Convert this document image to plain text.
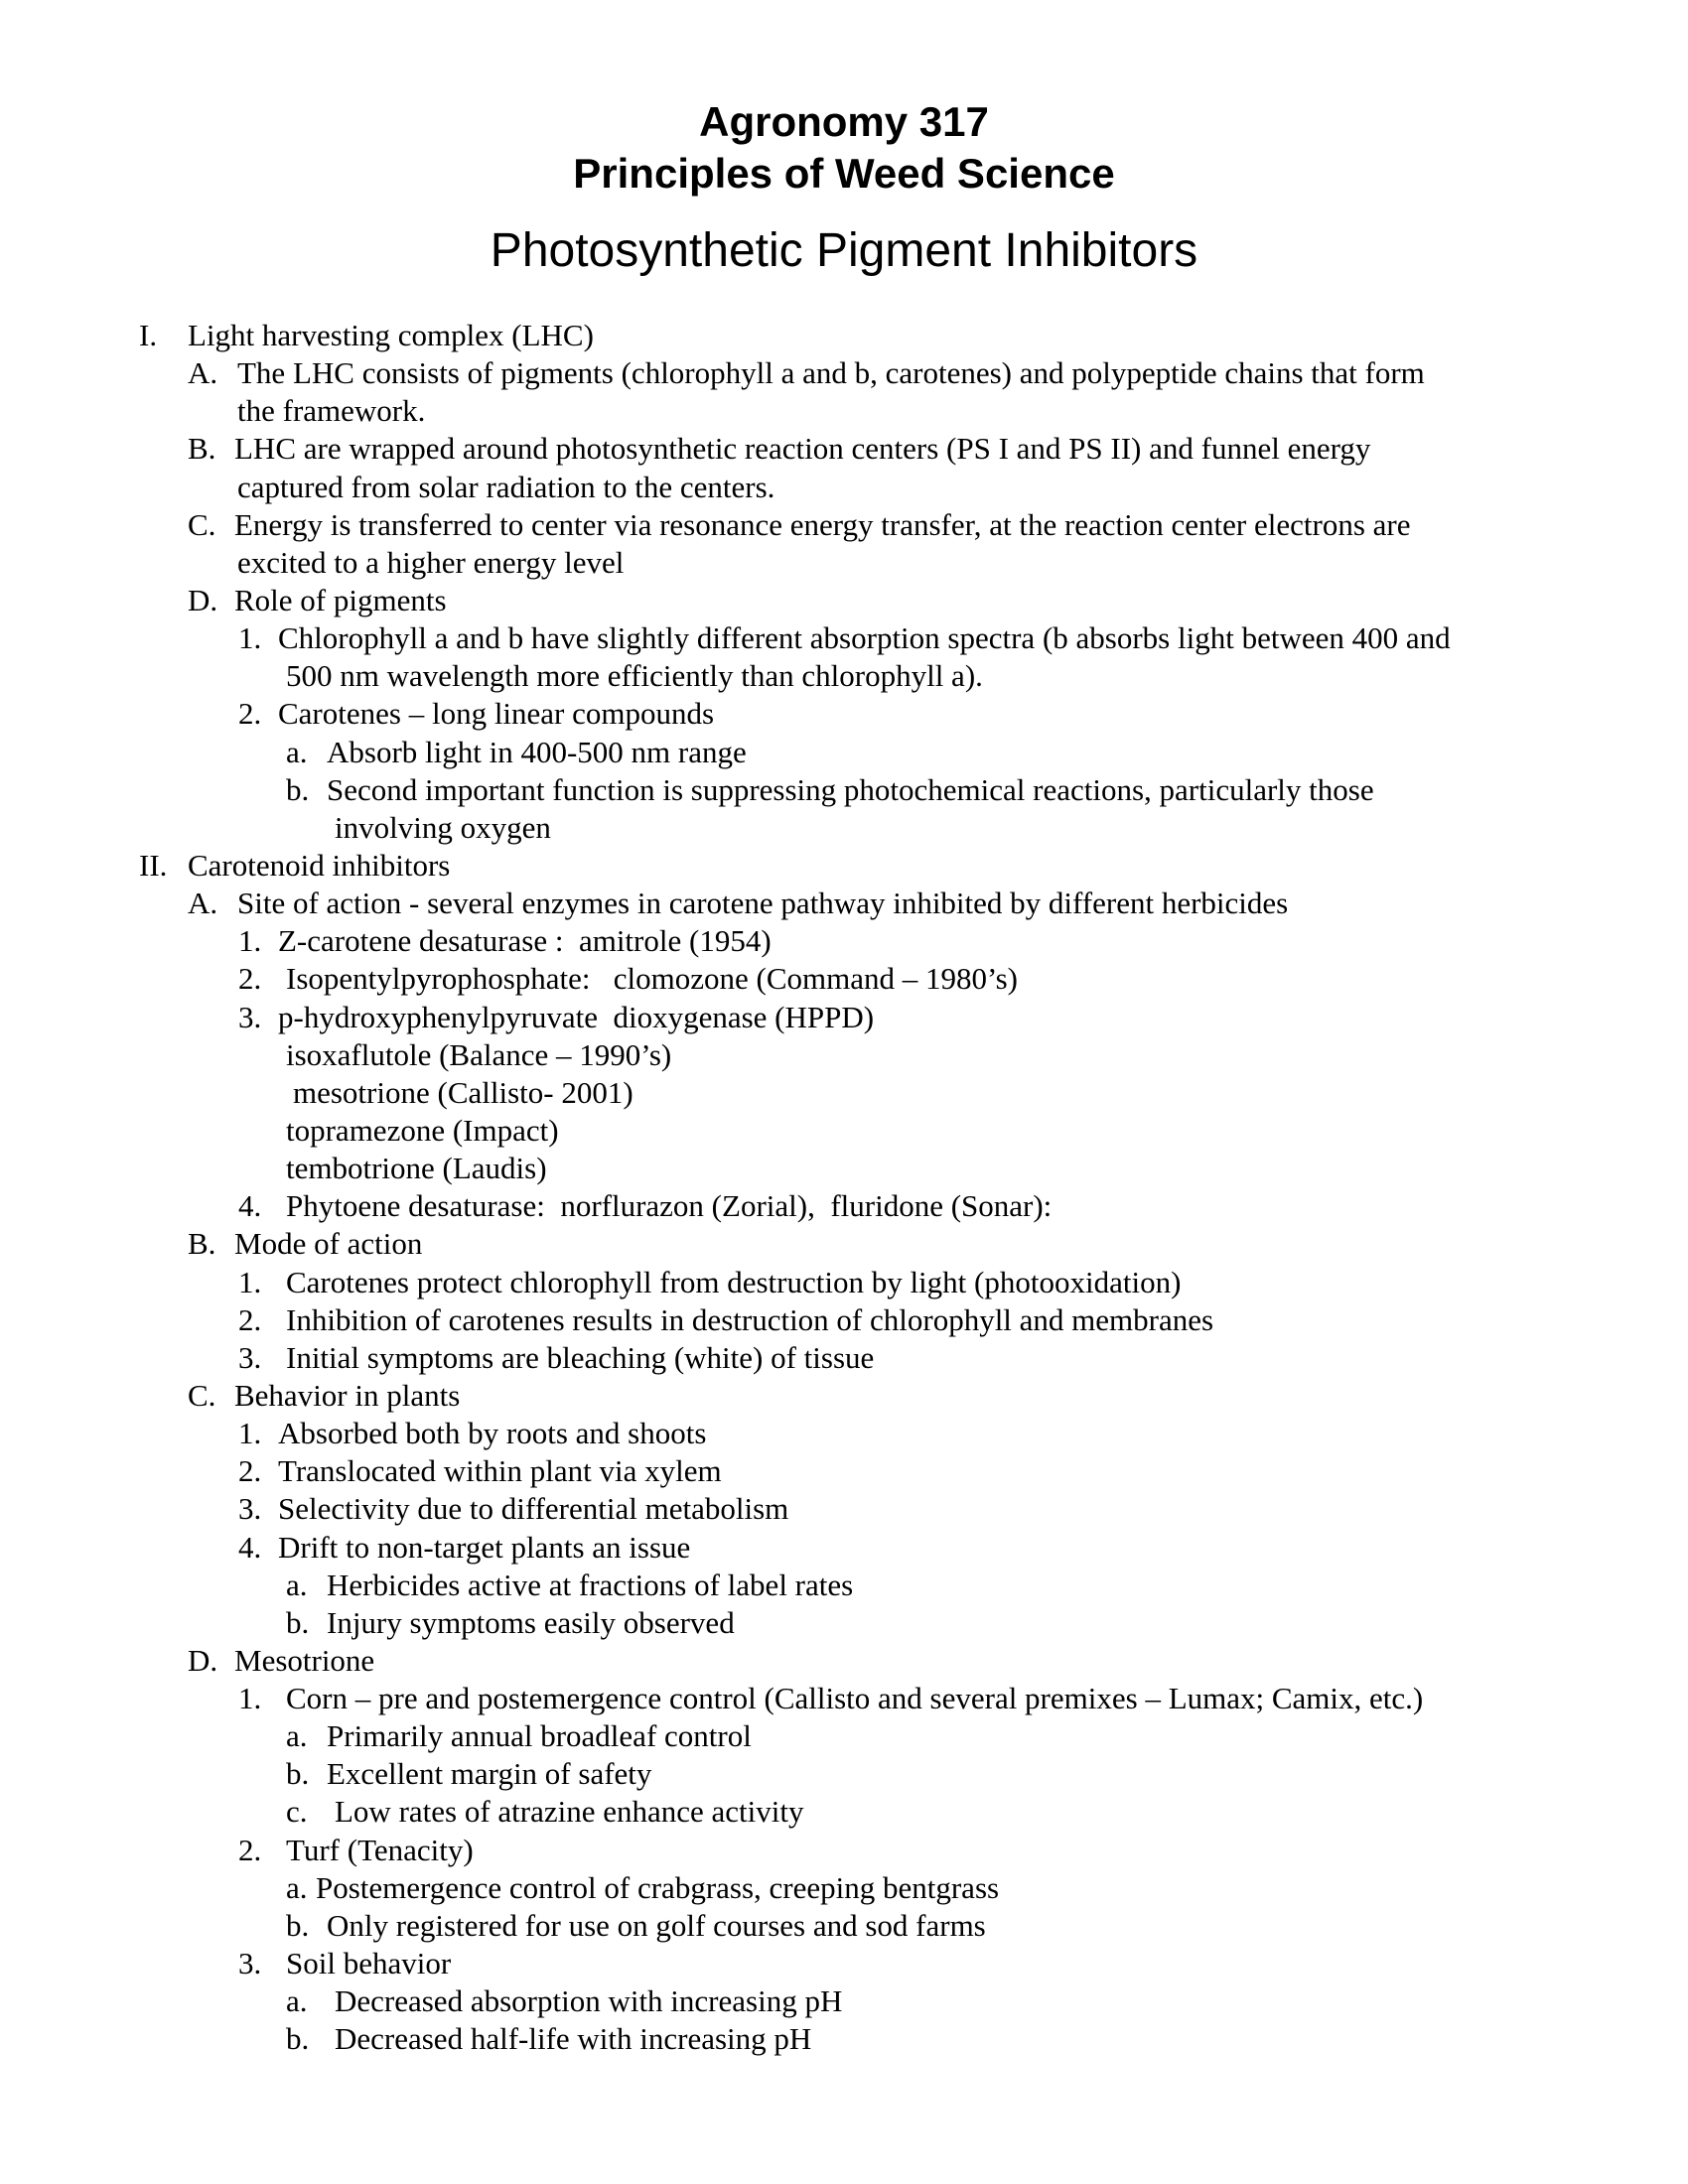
Agronomy 317
Principles of Weed Science
Photosynthetic Pigment Inhibitors
I. Light harvesting complex (LHC)
A. The LHC consists of pigments (chlorophyll a and b, carotenes) and polypeptide chains that form
the framework.
B. LHC are wrapped around photosynthetic reaction centers (PS I and PS II) and funnel energy
captured from solar radiation to the centers.
C. Energy is transferred to center via resonance energy transfer, at the reaction center electrons are
excited to a higher energy level
D. Role of pigments
1. Chlorophyll a and b have slightly different absorption spectra (b absorbs light between 400 and
500 nm wavelength more efficiently than chlorophyll a).
2. Carotenes – long linear compounds
a. Absorb light in 400-500 nm range
b. Second important function is suppressing photochemical reactions, particularly those
involving oxygen
II. Carotenoid inhibitors
A. Site of action - several enzymes in carotene pathway inhibited by different herbicides
1. Z-carotene desaturase :  amitrole (1954)
2. Isopentylpyrophosphate:   clomozone (Command – 1980’s)
3. p-hydroxyphenylpyruvate  dioxygenase (HPPD)
isoxaflutole (Balance – 1990’s)
mesotrione (Callisto- 2001)
topramezone (Impact)
tembotrione (Laudis)
4. Phytoene desaturase:  norflurazon (Zorial),  fluridone (Sonar):
B. Mode of action
1. Carotenes protect chlorophyll from destruction by light (photooxidation)
2. Inhibition of carotenes results in destruction of chlorophyll and membranes
3. Initial symptoms are bleaching (white) of tissue
C. Behavior in plants
1. Absorbed both by roots and shoots
2. Translocated within plant via xylem
3. Selectivity due to differential metabolism
4. Drift to non-target plants an issue
a. Herbicides active at fractions of label rates
b. Injury symptoms easily observed
D. Mesotrione
1. Corn – pre and postemergence control (Callisto and several premixes – Lumax; Camix, etc.)
a. Primarily annual broadleaf control
b. Excellent margin of safety
c. Low rates of atrazine enhance activity
2. Turf (Tenacity)
a. Postemergence control of crabgrass, creeping bentgrass
b. Only registered for use on golf courses and sod farms
3. Soil behavior
a. Decreased absorption with increasing pH
b. Decreased half-life with increasing pH
